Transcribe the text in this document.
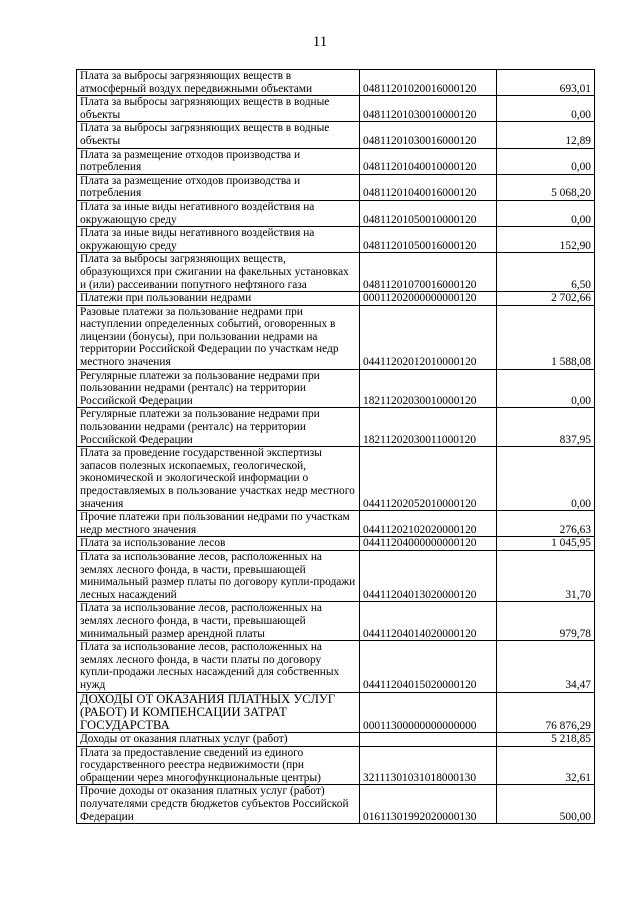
11
Плата за выбросы загрязняющих веществ в атмосферный воздух передвижными объектами	04811201020016000120	693,01
Плата за выбросы загрязняющих веществ в водные объекты	04811201030010000120	0,00
Плата за выбросы загрязняющих веществ в водные объекты	04811201030016000120	12,89
Плата за размещение отходов производства и потребления	04811201040010000120	0,00
Плата за размещение отходов производства и потребления	04811201040016000120	5 068,20
Плата за иные виды негативного воздействия на окружающую среду	04811201050010000120	0,00
Плата за иные виды негативного воздействия на окружающую среду	04811201050016000120	152,90
Плата за выбросы загрязняющих веществ, образующихся при сжигании на факельных установках и (или) рассеивании попутного нефтяного газа	04811201070016000120	6,50
Платежи при пользовании недрами	00011202000000000120	2 702,66
Разовые платежи за пользование недрами при наступлении определенных событий, оговоренных в лицензии (бонусы), при пользовании недрами на территории Российской Федерации по участкам недр местного значения	04411202012010000120	1 588,08
Регулярные платежи за пользование недрами при пользовании недрами (ренталс) на территории Российской Федерации	18211202030010000120	0,00
Регулярные платежи за пользование недрами при пользовании недрами (ренталс) на территории Российской Федерации	18211202030011000120	837,95
Плата за проведение государственной экспертизы запасов полезных ископаемых, геологической, экономической и экологической информации о предоставляемых в пользование участках недр местного значения	04411202052010000120	0,00
Прочие платежи при пользовании недрами по участкам недр местного значения	04411202102020000120	276,63
Плата за использование лесов	04411204000000000120	1 045,95
Плата за использование лесов, расположенных на землях лесного фонда, в части, превышающей минимальный размер платы по договору купли-продажи лесных насаждений	04411204013020000120	31,70
Плата за использование лесов, расположенных на землях лесного фонда, в части, превышающей минимальный размер арендной платы	04411204014020000120	979,78
Плата за использование лесов, расположенных на землях лесного фонда, в части платы по договору купли-продажи лесных насаждений для собственных нужд	04411204015020000120	34,47
ДОХОДЫ ОТ ОКАЗАНИЯ ПЛАТНЫХ УСЛУГ (РАБОТ) И КОМПЕНСАЦИИ ЗАТРАТ ГОСУДАРСТВА	00011300000000000000	76 876,29
Доходы от оказания платных услуг (работ)		5 218,85
Плата за предоставление сведений из единого государственного реестра недвижимости (при обращении через многофункциональные центры)	32111301031018000130	32,61
Прочие доходы от оказания платных услуг (работ) получателями средств бюджетов субъектов Российской Федерации	01611301992020000130	500,00
